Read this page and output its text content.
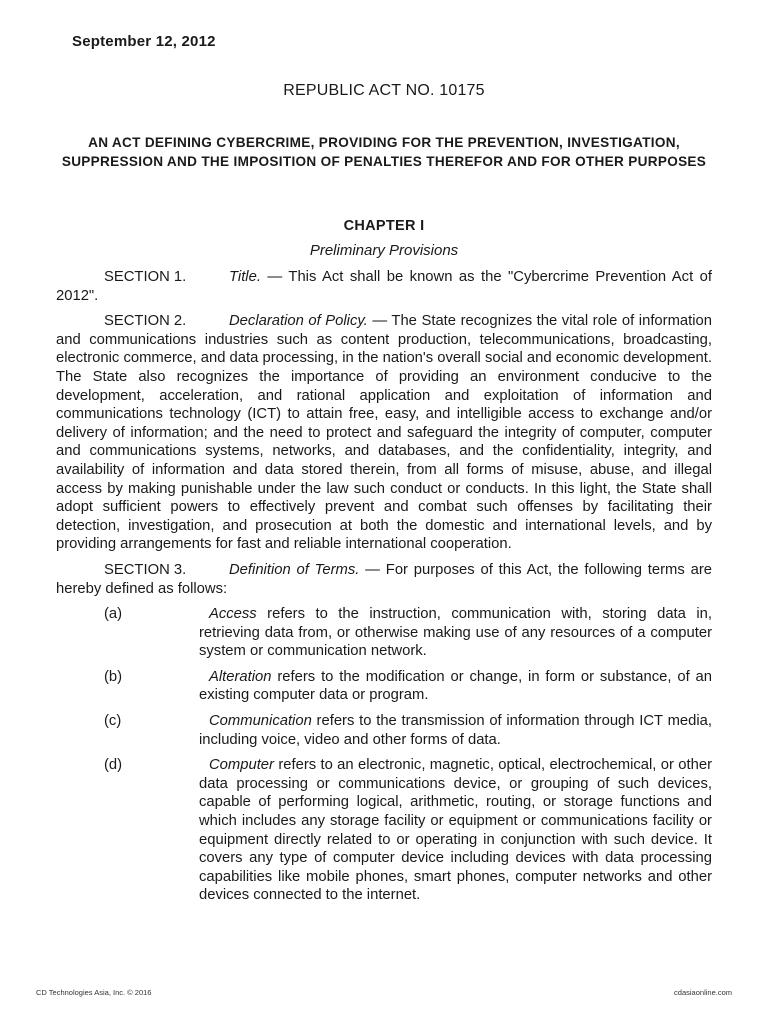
September 12, 2012
REPUBLIC ACT NO. 10175
AN ACT DEFINING CYBERCRIME, PROVIDING FOR THE PREVENTION, INVESTIGATION, SUPPRESSION AND THE IMPOSITION OF PENALTIES THEREFOR AND FOR OTHER PURPOSES
CHAPTER I
Preliminary Provisions

SECTION 1.	Title. — This Act shall be known as the "Cybercrime Prevention Act of 2012".

SECTION 2.	Declaration of Policy. — The State recognizes the vital role of information and communications industries such as content production, telecommunications, broadcasting, electronic commerce, and data processing, in the nation's overall social and economic development. The State also recognizes the importance of providing an environment conducive to the development, acceleration, and rational application and exploitation of information and communications technology (ICT) to attain free, easy, and intelligible access to exchange and/or delivery of information; and the need to protect and safeguard the integrity of computer, computer and communications systems, networks, and databases, and the confidentiality, integrity, and availability of information and data stored therein, from all forms of misuse, abuse, and illegal access by making punishable under the law such conduct or conducts. In this light, the State shall adopt sufficient powers to effectively prevent and combat such offenses by facilitating their detection, investigation, and prosecution at both the domestic and international levels, and by providing arrangements for fast and reliable international cooperation.

SECTION 3.	Definition of Terms. — For purposes of this Act, the following terms are hereby defined as follows:

(a)	Access refers to the instruction, communication with, storing data in, retrieving data from, or otherwise making use of any resources of a computer system or communication network.
(b)	Alteration refers to the modification or change, in form or substance, of an existing computer data or program.
(c)	Communication refers to the transmission of information through ICT media, including voice, video and other forms of data.
(d)	Computer refers to an electronic, magnetic, optical, electrochemical, or other data processing or communications device, or grouping of such devices, capable of performing logical, arithmetic, routing, or storage functions and which includes any storage facility or equipment or communications facility or equipment directly related to or operating in conjunction with such device. It covers any type of computer device including devices with data processing capabilities like mobile phones, smart phones, computer networks and other devices connected to the internet.
CD Technologies Asia, Inc. © 2016	cdasiaonline.com
